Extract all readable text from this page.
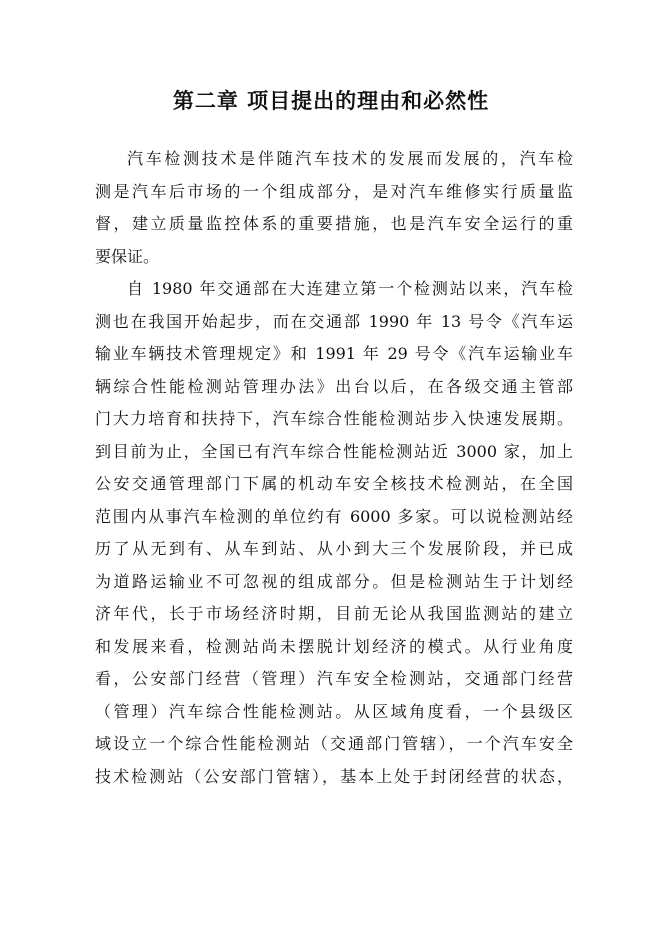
第二章 项目提出的理由和必然性
汽车检测技术是伴随汽车技术的发展而发展的，汽车检
测是汽车后市场的一个组成部分，是对汽车维修实行质量监
督，建立质量监控体系的重要措施，也是汽车安全运行的重
要保证。
自 1980 年交通部在大连建立第一个检测站以来，汽车检
测也在我国开始起步，而在交通部 1990 年 13 号令《汽车运
输业车辆技术管理规定》和 1991 年 29 号令《汽车运输业车
辆综合性能检测站管理办法》出台以后，在各级交通主管部
门大力培育和扶持下，汽车综合性能检测站步入快速发展期。
到目前为止，全国已有汽车综合性能检测站近 3000 家，加上
公安交通管理部门下属的机动车安全核技术检测站，在全国
范围内从事汽车检测的单位约有 6000 多家。可以说检测站经
历了从无到有、从车到站、从小到大三个发展阶段，并已成
为道路运输业不可忽视的组成部分。但是检测站生于计划经
济年代，长于市场经济时期，目前无论从我国监测站的建立
和发展来看，检测站尚未摆脱计划经济的模式。从行业角度
看，公安部门经营（管理）汽车安全检测站，交通部门经营
（管理）汽车综合性能检测站。从区域角度看，一个县级区
域设立一个综合性能检测站（交通部门管辖），一个汽车安全
技术检测站（公安部门管辖），基本上处于封闭经营的状态，
